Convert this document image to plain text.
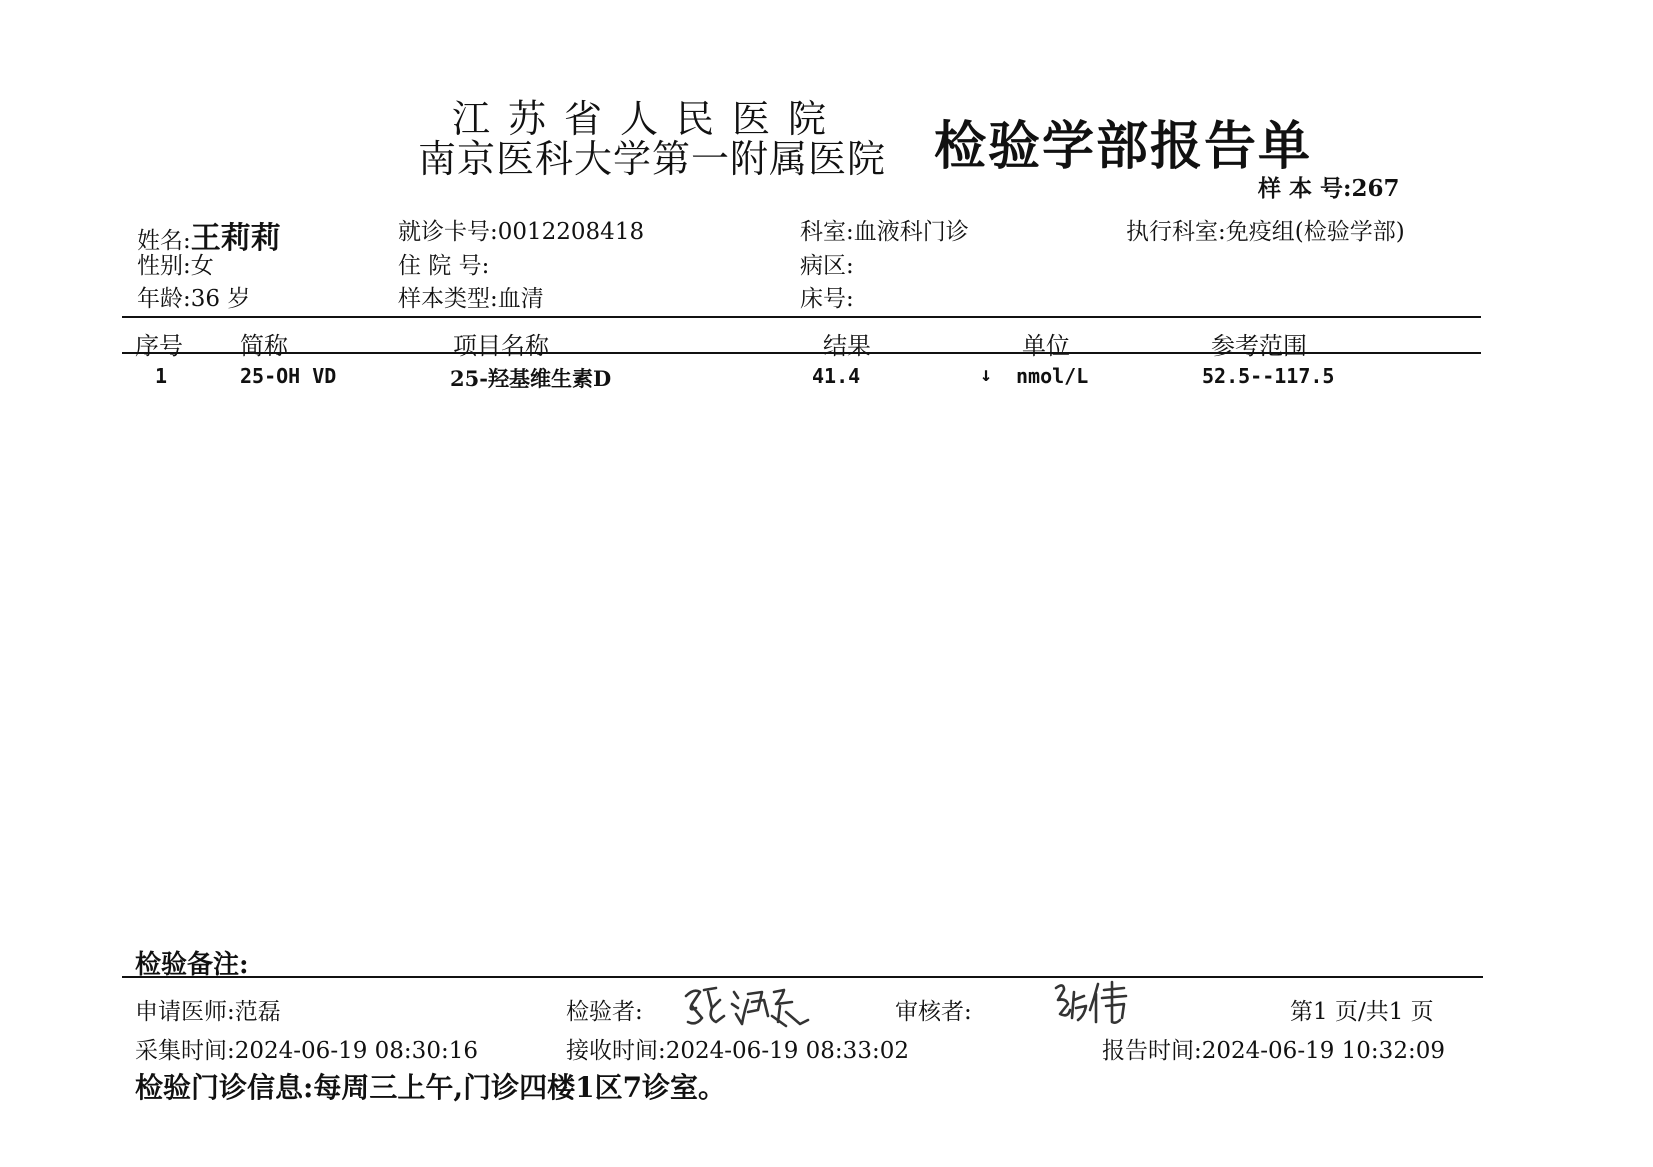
江苏省人民医院
南京医科大学第一附属医院 检验学部报告单
样 本 号:267
姓名:王莉莉	就诊卡号:0012208418	科室:血液科门诊	执行科室:免疫组(检验学部)
性别:女	住 院 号:	病区:
年龄:36 岁	样本类型:血清	床号:
序号 简称	项目名称	结果	单位	参考范围
1	25-OH VD	25-羟基维生素D	41.4	↓ nmol/L	52.5--117.5
检验备注:
申请医师:范磊	检验者:	审核者:	第1 页/共1 页
采集时间:2024-06-19 08:30:16	接收时间:2024-06-19 08:33:02	报告时间:2024-06-19 10:32:09
检验门诊信息:每周三上午,门诊四楼1区7诊室。
